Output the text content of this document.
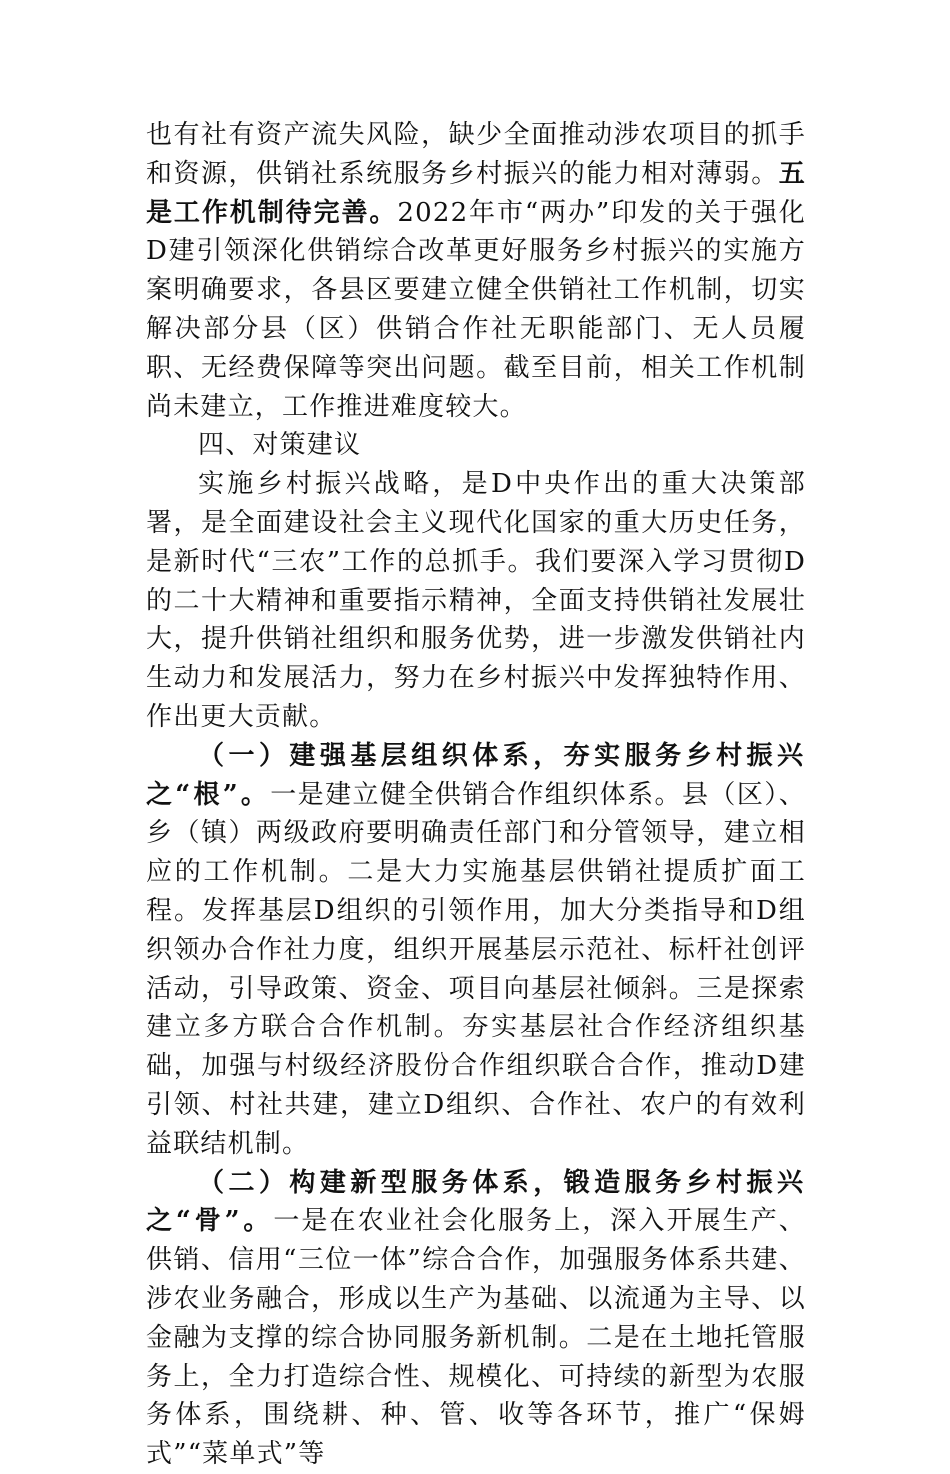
也有社有资产流失风险，缺少全面推动涉农项目的抓手和资源，供销社系统服务乡村振兴的能力相对薄弱。五是工作机制待完善。2022年市“两办”印发的关于强化D建引领深化供销综合改革更好服务乡村振兴的实施方案明确要求，各县区要建立健全供销社工作机制，切实解决部分县（区）供销合作社无职能部门、无人员履职、无经费保障等突出问题。截至目前，相关工作机制尚未建立，工作推进难度较大。

四、对策建议

实施乡村振兴战略，是D中央作出的重大决策部署，是全面建设社会主义现代化国家的重大历史任务，是新时代“三农”工作的总抓手。我们要深入学习贯彻D的二十大精神和重要指示精神，全面支持供销社发展壮大，提升供销社组织和服务优势，进一步激发供销社内生动力和发展活力，努力在乡村振兴中发挥独特作用、作出更大贡献。

（一）建强基层组织体系，夯实服务乡村振兴之“根”。一是建立健全供销合作组织体系。县（区）、乡（镇）两级政府要明确责任部门和分管领导，建立相应的工作机制。二是大力实施基层供销社提质扩面工程。发挥基层D组织的引领作用，加大分类指导和D组织领办合作社力度，组织开展基层示范社、标杆社创评活动，引导政策、资金、项目向基层社倾斜。三是探索建立多方联合合作机制。夯实基层社合作经济组织基础，加强与村级经济股份合作组织联合合作，推动D建引领、村社共建，建立D组织、合作社、农户的有效利益联结机制。

（二）构建新型服务体系，锻造服务乡村振兴之“骨”。一是在农业社会化服务上，深入开展生产、供销、信用“三位一体”综合合作，加强服务体系共建、涉农业务融合，形成以生产为基础、以流通为主导、以金融为支撑的综合协同服务新机制。二是在土地托管服务上，全力打造综合性、规模化、可持续的新型为农服务体系，围绕耕、种、管、收等各环节，推广“保姆式”“菜单式”等
